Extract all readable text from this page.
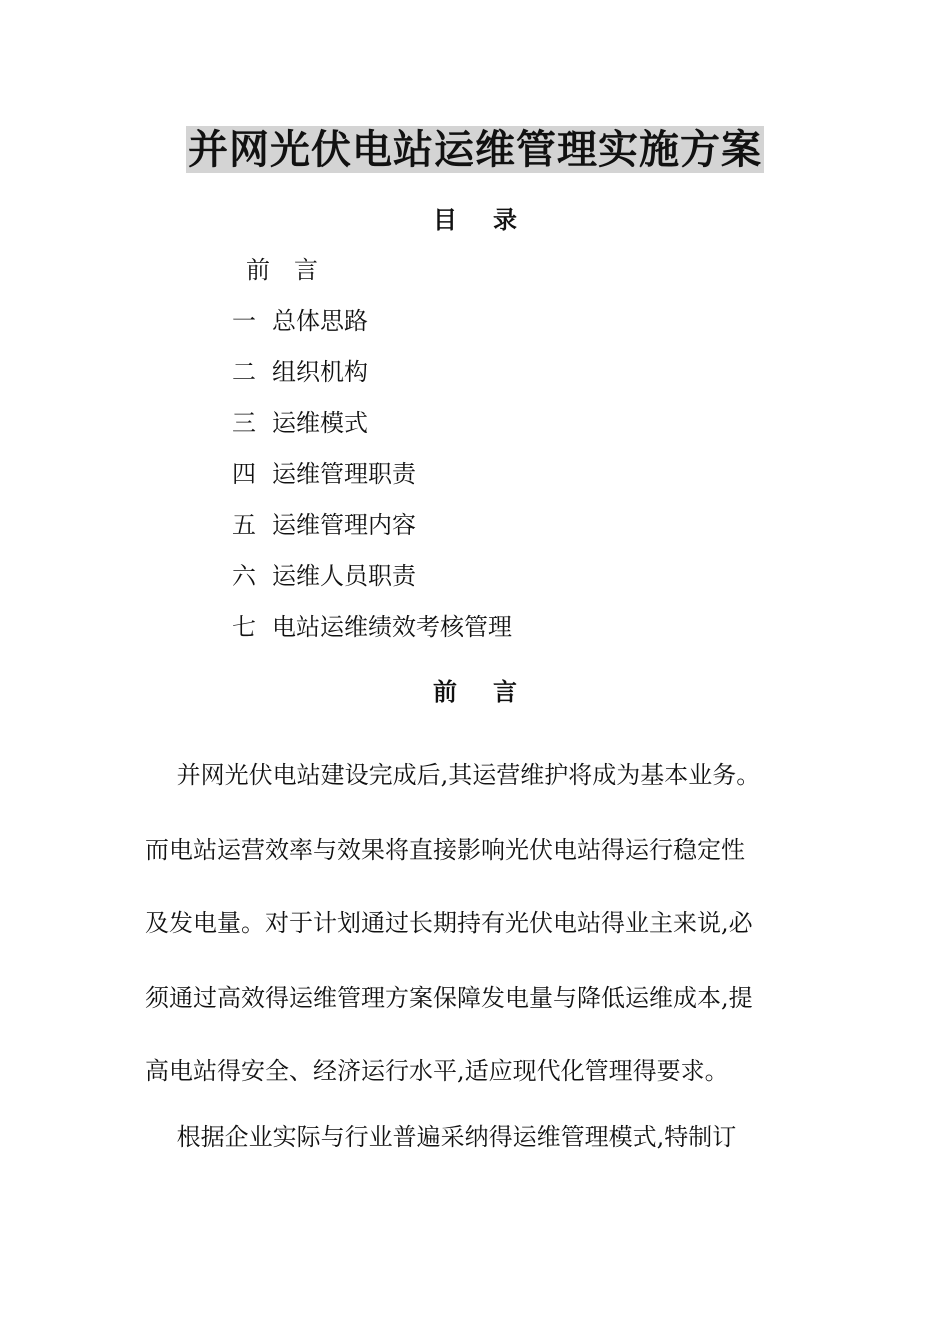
并网光伏电站运维管理实施方案
目 录
前 言
一 总体思路
二 组织机构
三 运维模式
四 运维管理职责
五 运维管理内容
六 运维人员职责
七 电站运维绩效考核管理
前 言
　 并网光伏电站建设完成后,其运营维护将成为基本业务。
而电站运营效率与效果将直接影响光伏电站得运行稳定性
及发电量。对于计划通过长期持有光伏电站得业主来说,必
须通过高效得运维管理方案保障发电量与降低运维成本,提
高电站得安全、经济运行水平,适应现代化管理得要求。
　 根据企业实际与行业普遍采纳得运维管理模式,特制订
